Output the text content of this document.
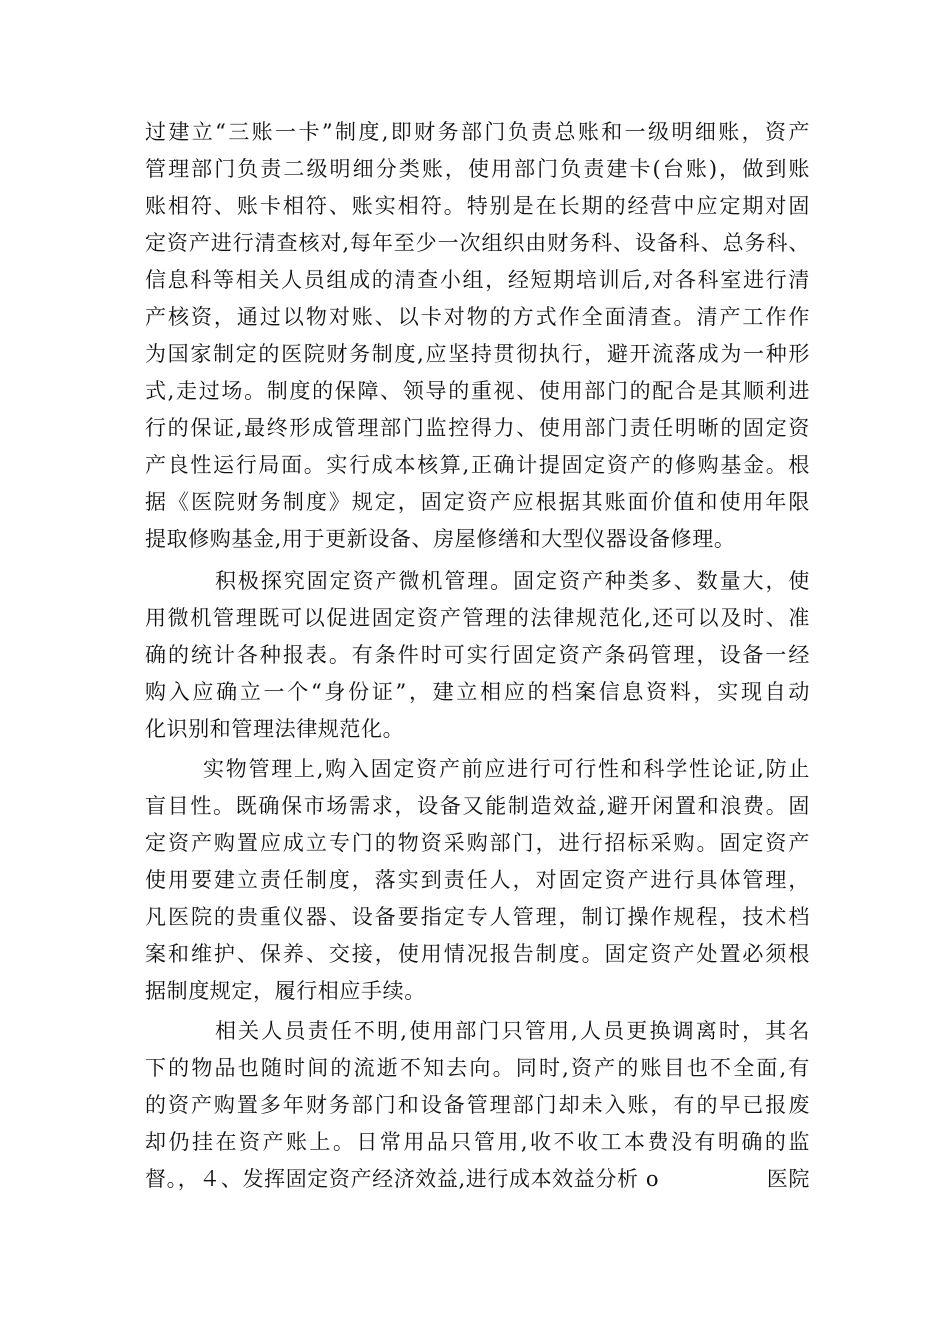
过建立“三账一卡”制度,即财务部门负责总账和一级明细账，资产
管理部门负责二级明细分类账，使用部门负责建卡(台账)，做到账
账相符、账卡相符、账实相符。特别是在长期的经营中应定期对固
定资产进行清查核对,每年至少一次组织由财务科、设备科、总务科、
信息科等相关人员组成的清查小组，经短期培训后,对各科室进行清
产核资，通过以物对账、以卡对物的方式作全面清查。清产工作作
为国家制定的医院财务制度,应坚持贯彻执行，避开流落成为一种形
式,走过场。制度的保障、领导的重视、使用部门的配合是其顺利进
行的保证,最终形成管理部门监控得力、使用部门责任明晰的固定资
产良性运行局面。实行成本核算,正确计提固定资产的修购基金。根
据《医院财务制度》规定，固定资产应根据其账面价值和使用年限
提取修购基金,用于更新设备、房屋修缮和大型仪器设备修理。
积极探究固定资产微机管理。固定资产种类多、数量大，使
用微机管理既可以促进固定资产管理的法律规范化,还可以及时、准
确的统计各种报表。有条件时可实行固定资产条码管理，设备一经
购入应确立一个“身份证”，建立相应的档案信息资料，实现自动
化识别和管理法律规范化。
实物管理上,购入固定资产前应进行可行性和科学性论证,防止
盲目性。既确保市场需求，设备又能制造效益,避开闲置和浪费。固
定资产购置应成立专门的物资采购部门，进行招标采购。固定资产
使用要建立责任制度，落实到责任人，对固定资产进行具体管理，
凡医院的贵重仪器、设备要指定专人管理，制订操作规程，技术档
案和维护、保养、交接，使用情况报告制度。固定资产处置必须根
据制度规定，履行相应手续。
相关人员责任不明,使用部门只管用,人员更换调离时，其名
下的物品也随时间的流逝不知去向。同时,资产的账目也不全面,有
的资产购置多年财务部门和设备管理部门却未入账，有的早已报废
却仍挂在资产账上。日常用品只管用,收不收工本费没有明确的监
督。，４、发挥固定资产经济效益,进行成本效益分析 o	医院
